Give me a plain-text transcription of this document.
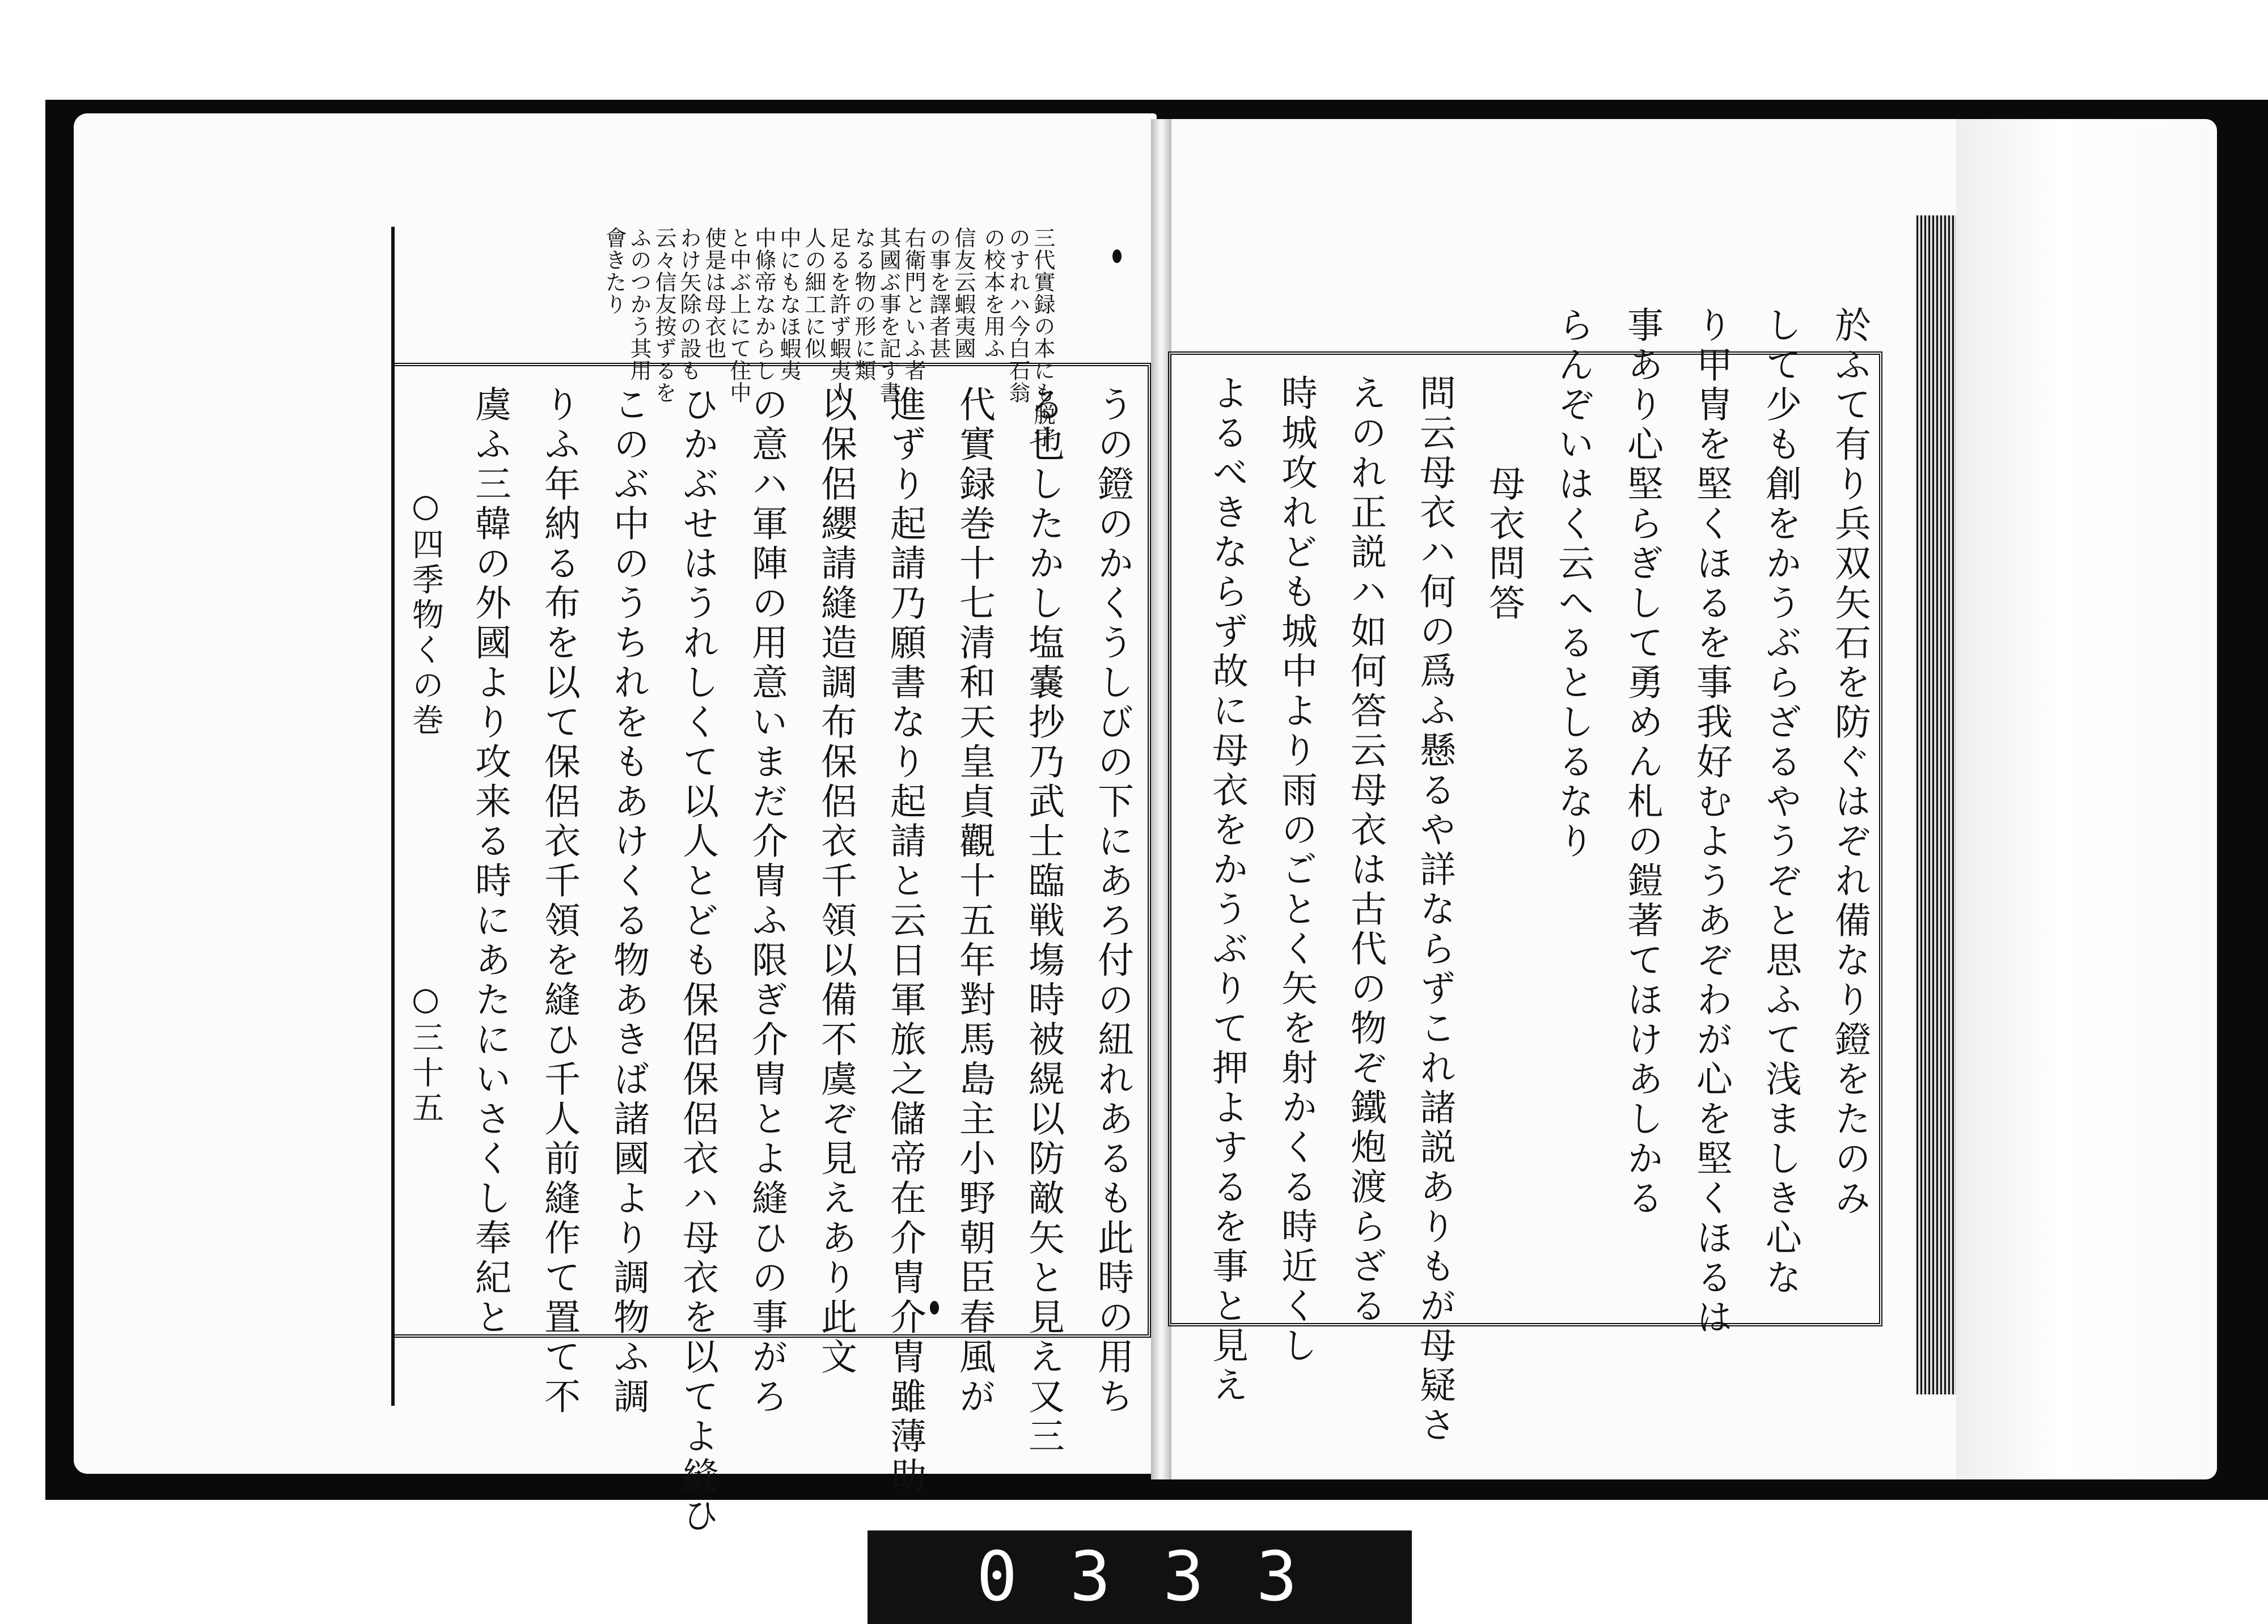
三代實録の本にも脱字
のすれハ今白石翁
の校本を用ふ
信友云蝦夷國
の事を譯者甚
右衛門といふ者
其國ぶ事を記す書
なる物の形に類
足るを許ず蝦夷人
人の細工に似
中にもなほ蝦夷
中條帝なからし
と中ぶ上にて住中
使是は母衣也
わけ矢除の設も
云々信友按ずるを
ふのつかう其用
會きたり
うの鐙のかくうしびの下にあろ付の紐れあるも此時の用ち
る也したかし塩嚢抄乃武士臨戦塲時被縨以防敵矢と見え又三
代實録巻十七清和天皇貞觀十五年對馬島主小野朝臣春風が
進ずり起請乃願書なり起請と云日軍旅之儲帝在介冑介冑雖薄助
以保侶纓請縫造調布保侶衣千領以備不虞ぞ見えあり此文
の意ハ軍陣の用意いまだ介冑ふ限ぎ介冑とよ縫ひの事がろ
ひかぶせはうれしくて以人とども保侶保侶衣ハ母衣を以てよ縫ひ
このぶ中のうちれをもあけくる物あきば諸國より調物ふ調
りふ年納る布を以て保侶衣千領を縫ひ千人前縫作て置て不
虞ふ三韓の外國より攻来る時にあたにいさくし奉紀と
○四季物くの巻
○三十五	於ふて有り兵双矢石を防ぐはぞれ備なり鐙をたのみ
して少も創をかうぶらざるやうぞと思ふて浅ましき心な
り甲冑を堅くほるを事我好むようあぞわが心を堅くほるは
事あり心堅らぎして勇めん札の鎧著てほけあしかる
らんぞいはく云へるとしるなり
母衣問答
問云母衣ハ何の爲ふ懸るや詳ならずこれ諸説ありもが母疑さ
えのれ正説ハ如何答云母衣は古代の物ぞ鐵炮渡らざる
時城攻れども城中より雨のごとく矢を射かくる時近くし
よるべきならず故に母衣をかうぶりて押よするを事と見え
0 3 3 3
